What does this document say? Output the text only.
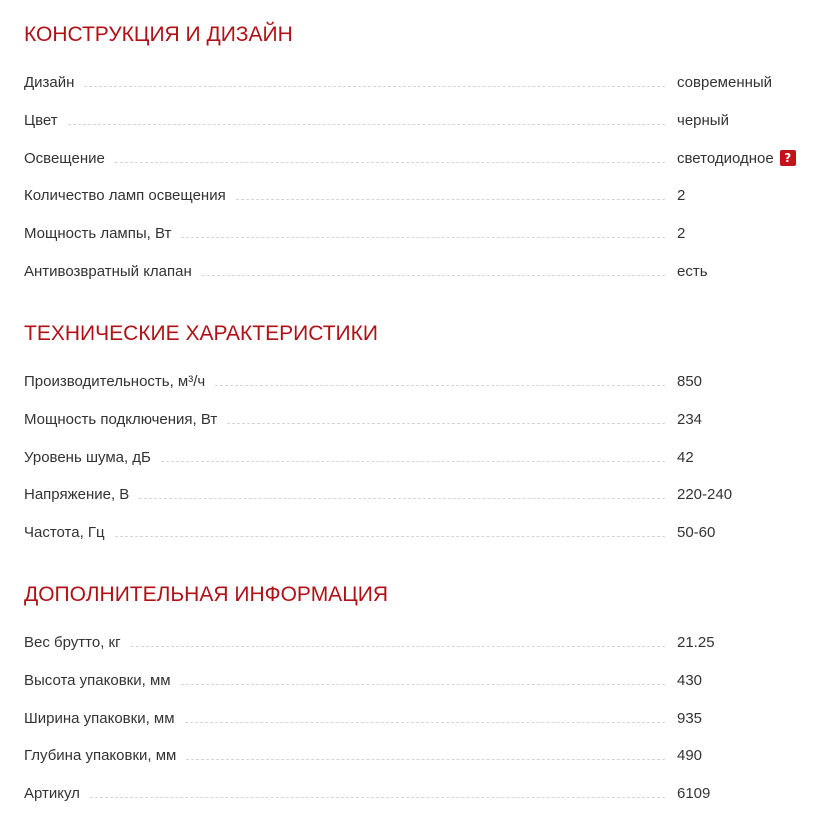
КОНСТРУКЦИЯ И ДИЗАЙН
Дизайн	современный
Цвет	черный
Освещение	светодиодное ?
Количество ламп освещения	2
Мощность лампы, Вт	2
Антивозвратный клапан	есть
ТЕХНИЧЕСКИЕ ХАРАКТЕРИСТИКИ
Производительность, м³/ч	850
Мощность подключения, Вт	234
Уровень шума, дБ	42
Напряжение, В	220-240
Частота, Гц	50-60
ДОПОЛНИТЕЛЬНАЯ ИНФОРМАЦИЯ
Вес брутто, кг	21.25
Высота упаковки, мм	430
Ширина упаковки, мм	935
Глубина упаковки, мм	490
Артикул	6109
